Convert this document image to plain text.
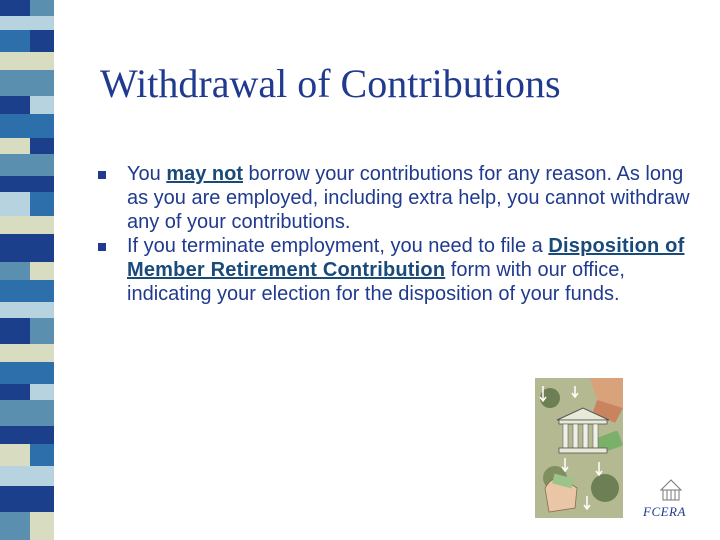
Withdrawal of Contributions
You may not borrow your contributions for any reason. As long as you are employed, including extra help, you cannot withdraw any of your contributions.
If you terminate employment, you need to file a Disposition of Member Retirement Contribution form with our office, indicating your election for the disposition of your funds.
FCERA
